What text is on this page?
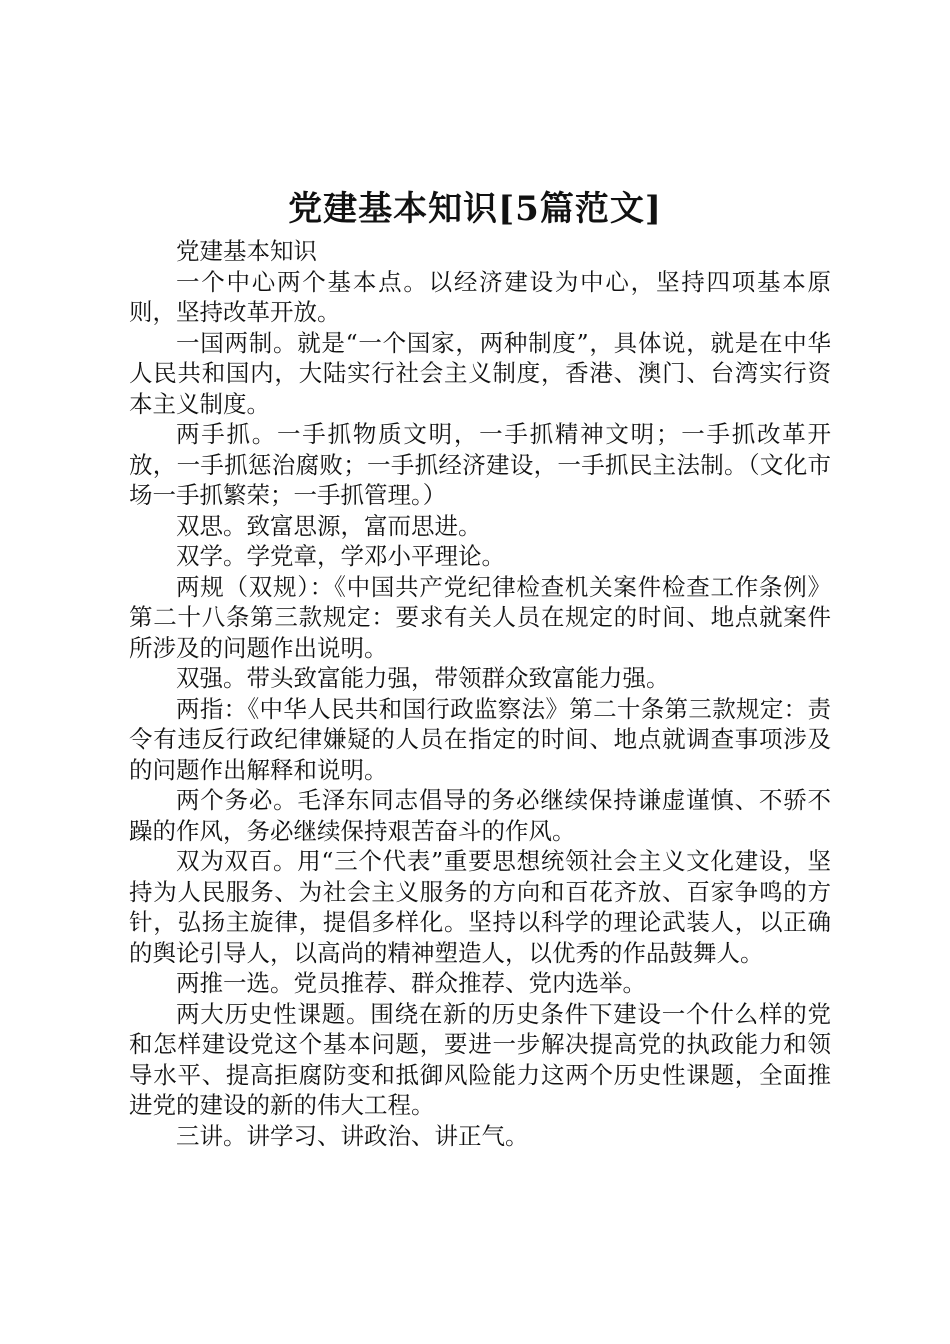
党建基本知识[5篇范文]

党建基本知识

一个中心两个基本点。以经济建设为中心，坚持四项基本原则，坚持改革开放。

一国两制。就是“一个国家，两种制度”，具体说，就是在中华人民共和国内，大陆实行社会主义制度，香港、澳门、台湾实行资本主义制度。

两手抓。一手抓物质文明，一手抓精神文明；一手抓改革开放，一手抓惩治腐败；一手抓经济建设，一手抓民主法制。（文化市场一手抓繁荣；一手抓管理。）

双思。致富思源，富而思进。

双学。学党章，学邓小平理论。

两规（双规）：《中国共产党纪律检查机关案件检查工作条例》第二十八条第三款规定：要求有关人员在规定的时间、地点就案件所涉及的问题作出说明。

双强。带头致富能力强，带领群众致富能力强。

两指：《中华人民共和国行政监察法》第二十条第三款规定：责令有违反行政纪律嫌疑的人员在指定的时间、地点就调查事项涉及的问题作出解释和说明。

两个务必。毛泽东同志倡导的务必继续保持谦虚谨慎、不骄不躁的作风，务必继续保持艰苦奋斗的作风。

双为双百。用“三个代表”重要思想统领社会主义文化建设，坚持为人民服务、为社会主义服务的方向和百花齐放、百家争鸣的方针，弘扬主旋律，提倡多样化。坚持以科学的理论武装人，以正确的舆论引导人，以高尚的精神塑造人，以优秀的作品鼓舞人。

两推一选。党员推荐、群众推荐、党内选举。

两大历史性课题。围绕在新的历史条件下建设一个什么样的党和怎样建设党这个基本问题，要进一步解决提高党的执政能力和领导水平、提高拒腐防变和抵御风险能力这两个历史性课题，全面推进党的建设的新的伟大工程。

三讲。讲学习、讲政治、讲正气。
